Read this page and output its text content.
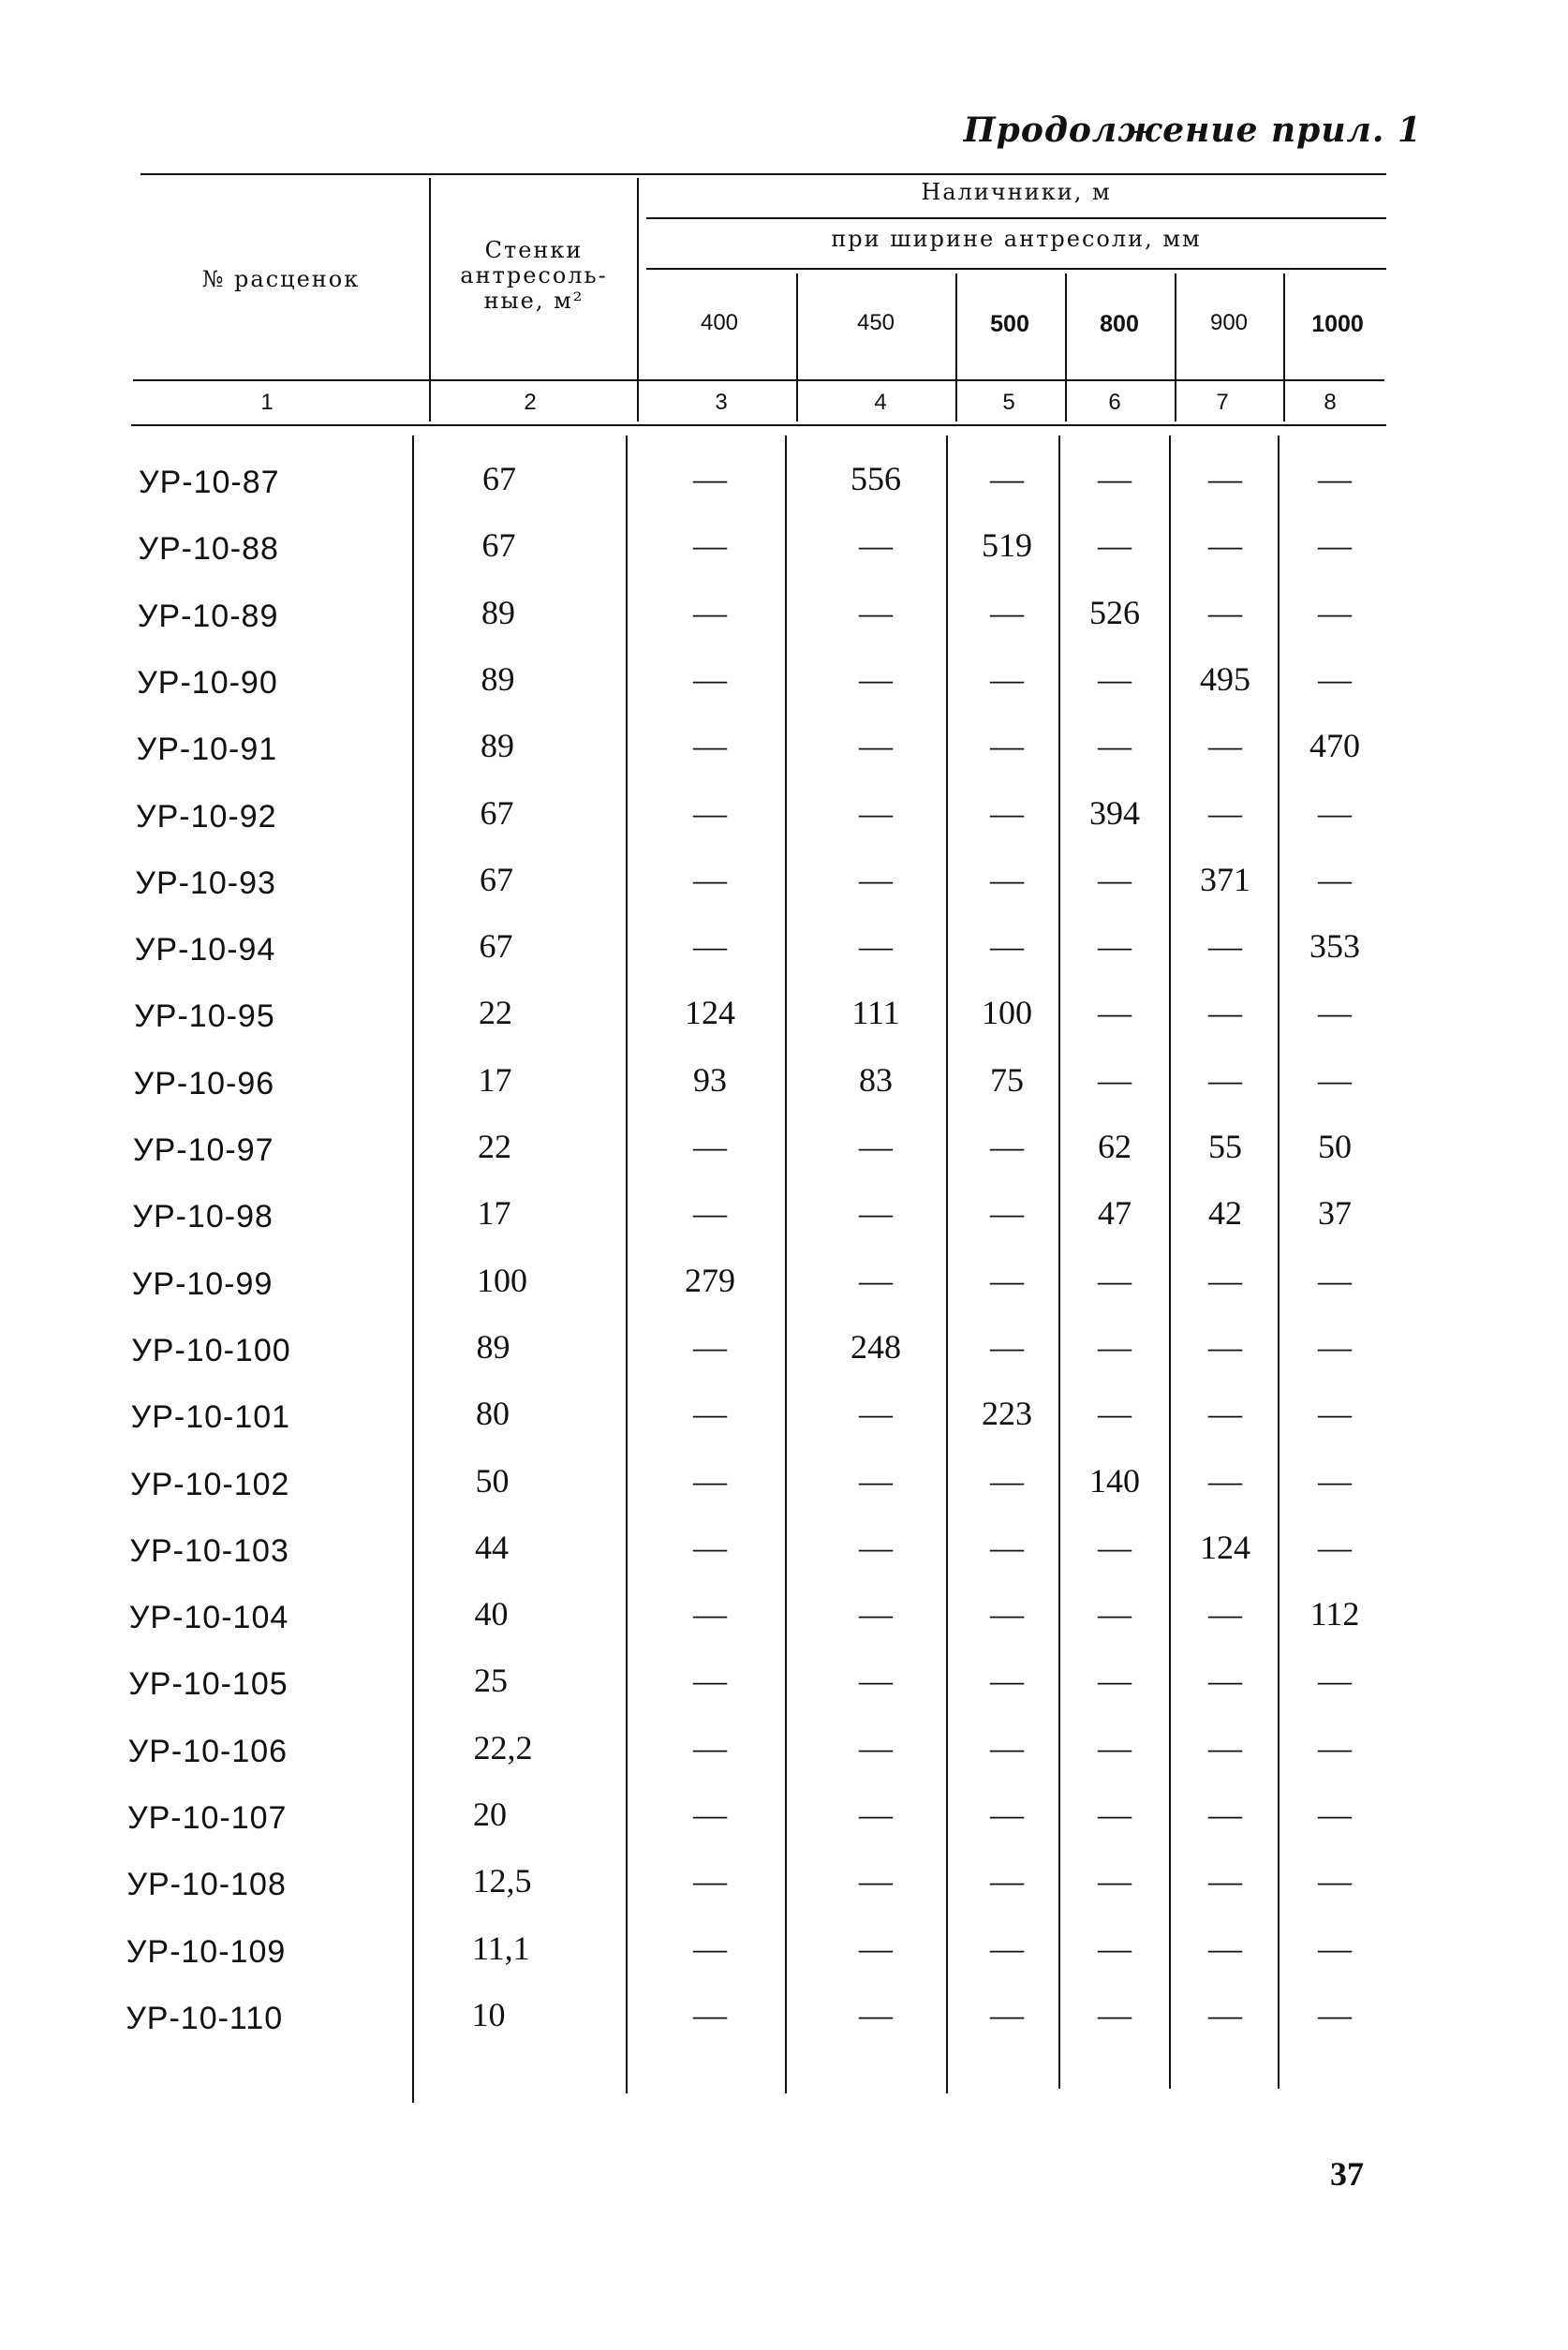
Продолжение прил. 1
№ расценок
Стенки
антресоль-
ные, м²
Наличники, м
при ширине антресоли, мм
400	450	500	800	900	1000
1	2	3	4	5	6	7	8
УР-10-87	67	—	556	—	—	—	—
УР-10-88	67	—	—	519	—	—	—
УР-10-89	89	—	—	—	526	—	—
УР-10-90	89	—	—	—	—	495	—
УР-10-91	89	—	—	—	—	—	470
УР-10-92	67	—	—	—	394	—	—
УР-10-93	67	—	—	—	—	371	—
УР-10-94	67	—	—	—	—	—	353
УР-10-95	22	124	111	100	—	—	—
УР-10-96	17	93	83	75	—	—	—
УР-10-97	22	—	—	—	62	55	50
УР-10-98	17	—	—	—	47	42	37
УР-10-99	100	279	—	—	—	—	—
УР-10-100	89	—	248	—	—	—	—
УР-10-101	80	—	—	223	—	—	—
УР-10-102	50	—	—	—	140	—	—
УР-10-103	44	—	—	—	—	124	—
УР-10-104	40	—	—	—	—	—	112
УР-10-105	25	—	—	—	—	—	—
УР-10-106	22,2	—	—	—	—	—	—
УР-10-107	20	—	—	—	—	—	—
УР-10-108	12,5	—	—	—	—	—	—
УР-10-109	11,1	—	—	—	—	—	—
УР-10-110	10	—	—	—	—	—	—
37
